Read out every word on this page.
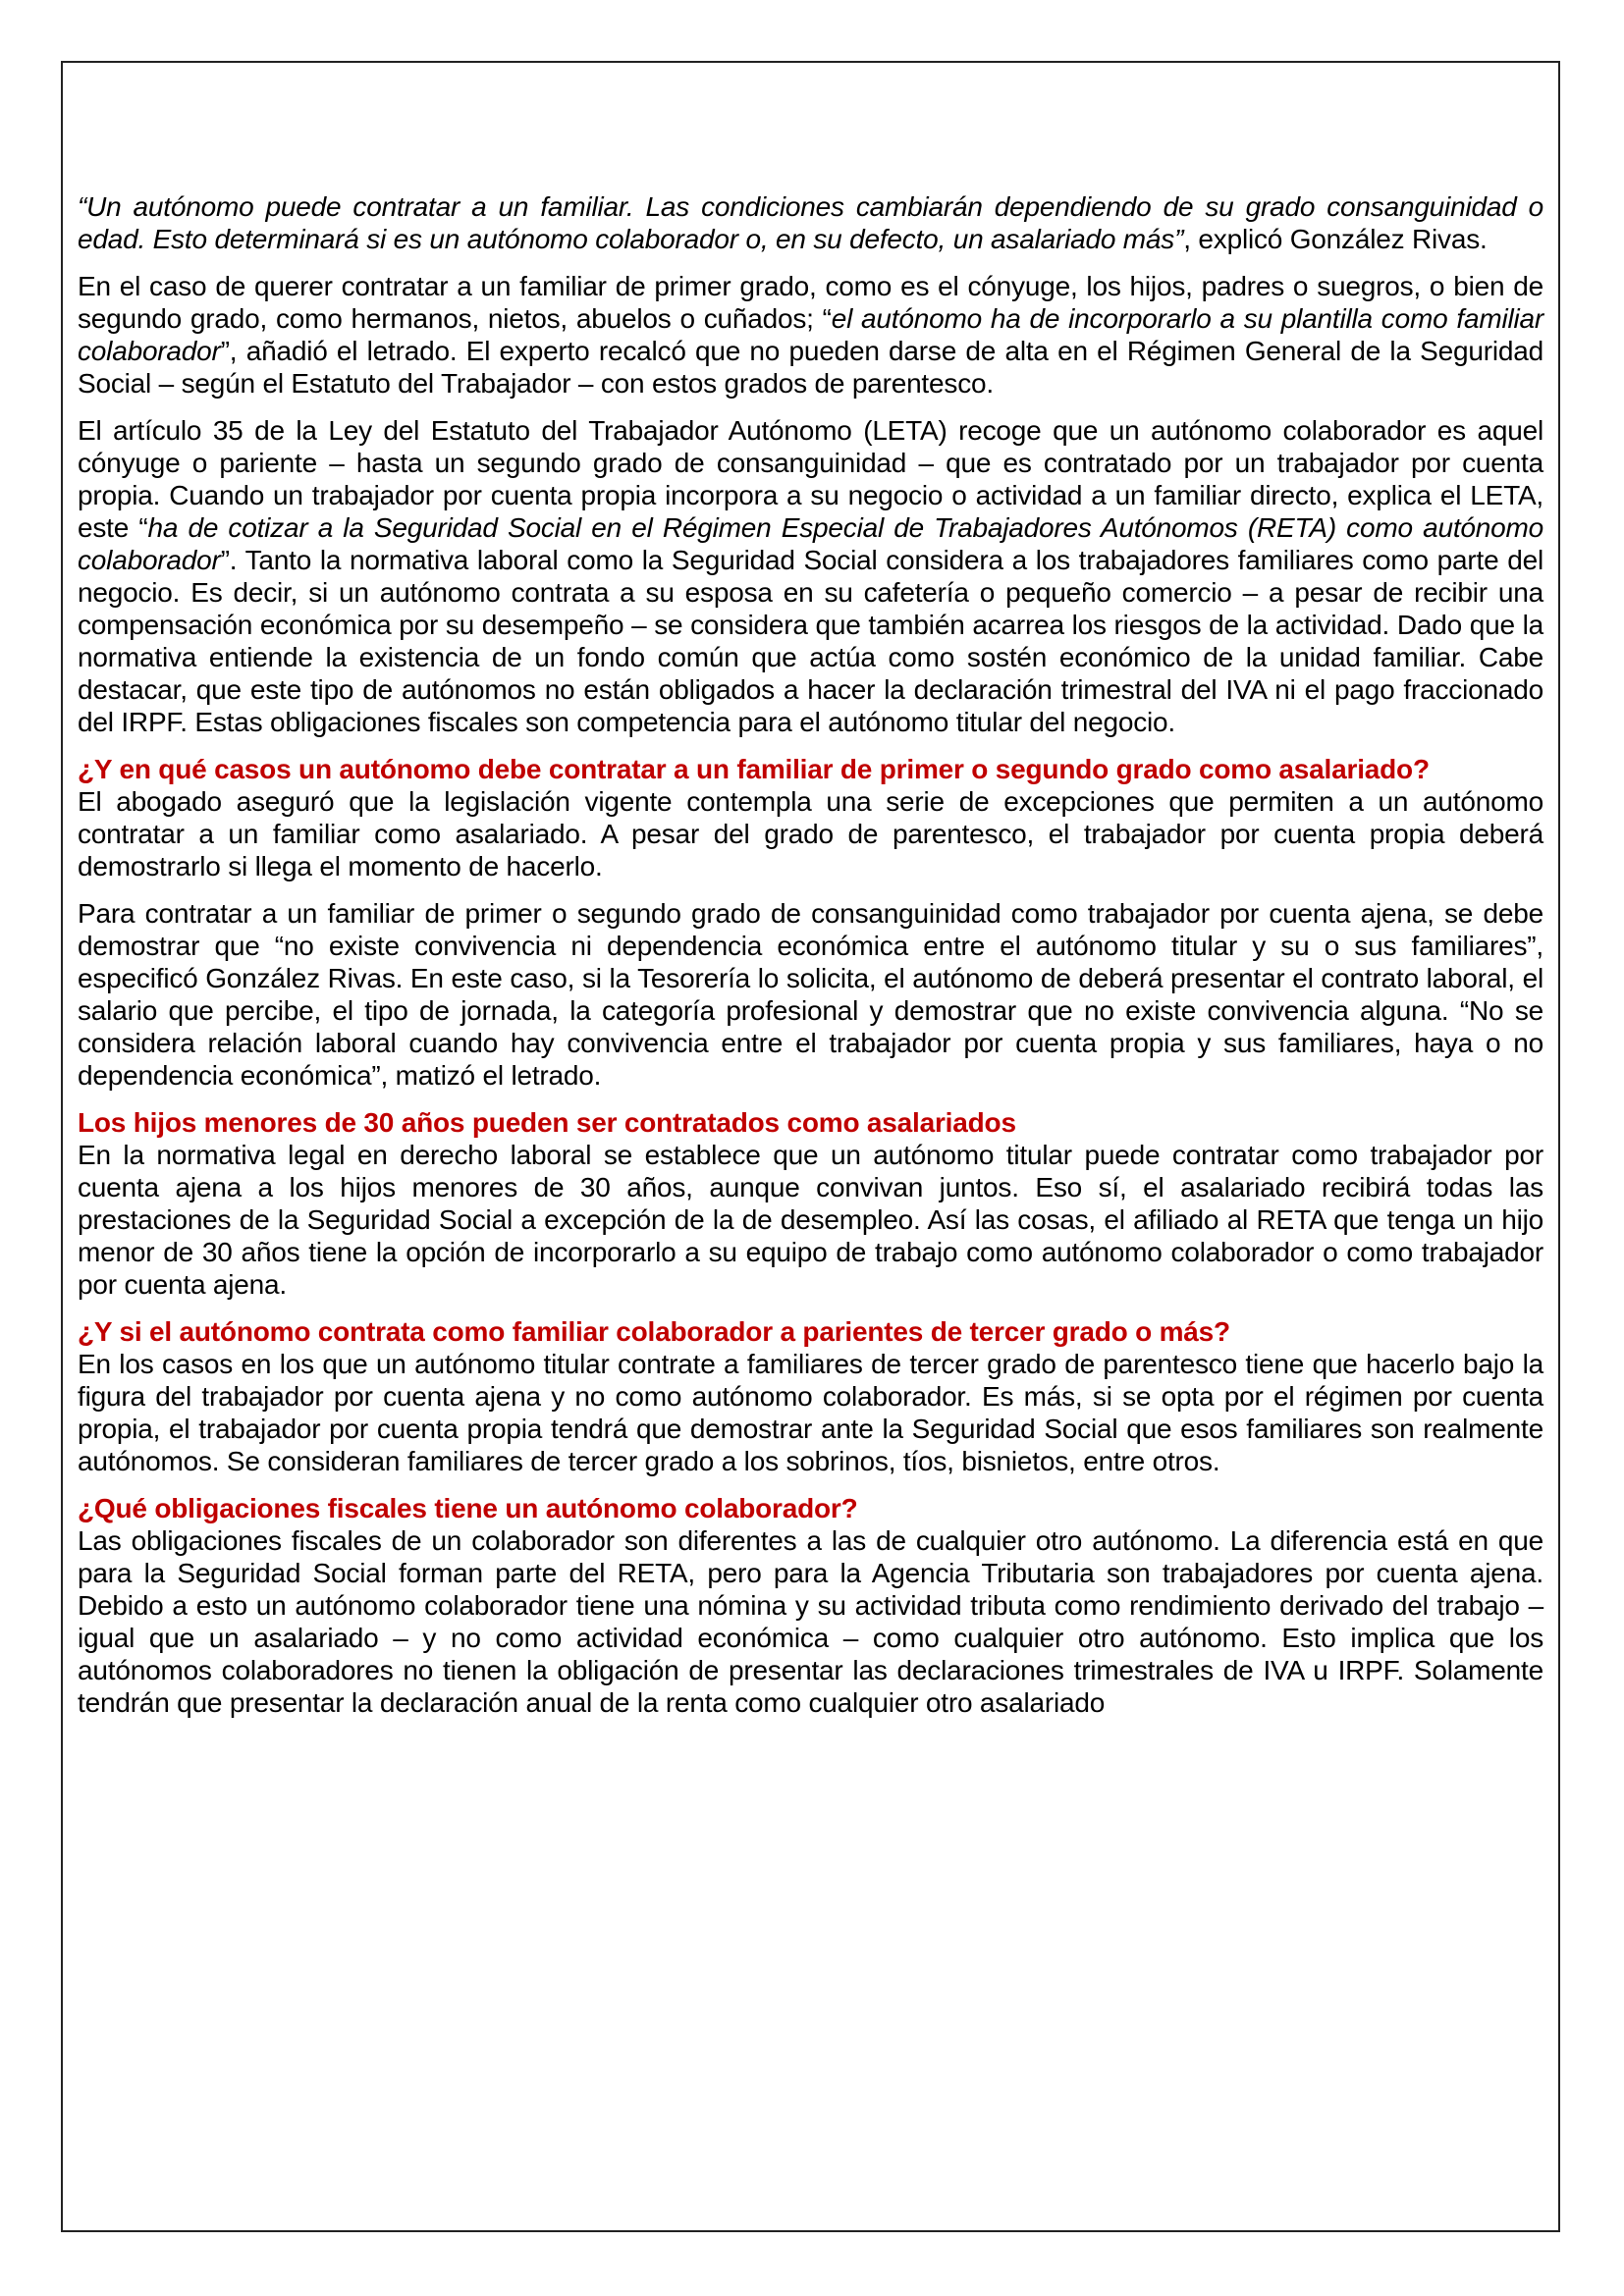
“Un autónomo puede contratar a un familiar. Las condiciones cambiarán dependiendo de su grado consanguinidad o edad. Esto determinará si es un autónomo colaborador o, en su defecto, un asalariado más”, explicó González Rivas.

En el caso de querer contratar a un familiar de primer grado, como es el cónyuge, los hijos, padres o suegros, o bien de segundo grado, como hermanos, nietos, abuelos o cuñados; “el autónomo ha de incorporarlo a su plantilla como familiar colaborador”, añadió el letrado. El experto recalcó que no pueden darse de alta en el Régimen General de la Seguridad Social – según el Estatuto del Trabajador – con estos grados de parentesco.

El artículo 35 de la Ley del Estatuto del Trabajador Autónomo (LETA) recoge que un autónomo colaborador es aquel cónyuge o pariente – hasta un segundo grado de consanguinidad – que es contratado por un trabajador por cuenta propia. Cuando un trabajador por cuenta propia incorpora a su negocio o actividad a un familiar directo, explica el LETA, este “ha de cotizar a la Seguridad Social en el Régimen Especial de Trabajadores Autónomos (RETA) como autónomo colaborador”. Tanto la normativa laboral como la Seguridad Social considera a los trabajadores familiares como parte del negocio. Es decir, si un autónomo contrata a su esposa en su cafetería o pequeño comercio – a pesar de recibir una compensación económica por su desempeño – se considera que también acarrea los riesgos de la actividad. Dado que la normativa entiende la existencia de un fondo común que actúa como sostén económico de la unidad familiar. Cabe destacar, que este tipo de autónomos no están obligados a hacer la declaración trimestral del IVA ni el pago fraccionado del IRPF. Estas obligaciones fiscales son competencia para el autónomo titular del negocio.

¿Y en qué casos un autónomo debe contratar a un familiar de primer o segundo grado como asalariado?

El abogado aseguró que la legislación vigente contempla una serie de excepciones que permiten a un autónomo contratar a un familiar como asalariado. A pesar del grado de parentesco, el trabajador por cuenta propia deberá demostrarlo si llega el momento de hacerlo.

Para contratar a un familiar de primer o segundo grado de consanguinidad como trabajador por cuenta ajena, se debe demostrar que “no existe convivencia ni dependencia económica entre el autónomo titular y su o sus familiares”, especificó González Rivas. En este caso, si la Tesorería lo solicita, el autónomo de deberá presentar el contrato laboral, el salario que percibe, el tipo de jornada, la categoría profesional y demostrar que no existe convivencia alguna. “No se considera relación laboral cuando hay convivencia entre el trabajador por cuenta propia y sus familiares, haya o no dependencia económica”, matizó el letrado.

Los hijos menores de 30 años pueden ser contratados como asalariados

En la normativa legal en derecho laboral se establece que un autónomo titular puede contratar como trabajador por cuenta ajena a los hijos menores de 30 años, aunque convivan juntos. Eso sí, el asalariado recibirá todas las prestaciones de la Seguridad Social a excepción de la de desempleo. Así las cosas, el afiliado al RETA que tenga un hijo menor de 30 años tiene la opción de incorporarlo a su equipo de trabajo como autónomo colaborador o como trabajador por cuenta ajena.

¿Y si el autónomo contrata como familiar colaborador a parientes de tercer grado o más?

En los casos en los que un autónomo titular contrate a familiares de tercer grado de parentesco tiene que hacerlo bajo la figura del trabajador por cuenta ajena y no como autónomo colaborador. Es más, si se opta por el régimen por cuenta propia, el trabajador por cuenta propia tendrá que demostrar ante la Seguridad Social que esos familiares son realmente autónomos. Se consideran familiares de tercer grado a los sobrinos, tíos, bisnietos, entre otros.

¿Qué obligaciones fiscales tiene un autónomo colaborador?

Las obligaciones fiscales de un colaborador son diferentes a las de cualquier otro autónomo. La diferencia está en que para la Seguridad Social forman parte del RETA, pero para la Agencia Tributaria son trabajadores por cuenta ajena. Debido a esto un autónomo colaborador tiene una nómina y su actividad tributa como rendimiento derivado del trabajo – igual que un asalariado – y no como actividad económica – como cualquier otro autónomo. Esto implica que los autónomos colaboradores no tienen la obligación de presentar las declaraciones trimestrales de IVA u IRPF. Solamente tendrán que presentar la declaración anual de la renta como cualquier otro asalariado
